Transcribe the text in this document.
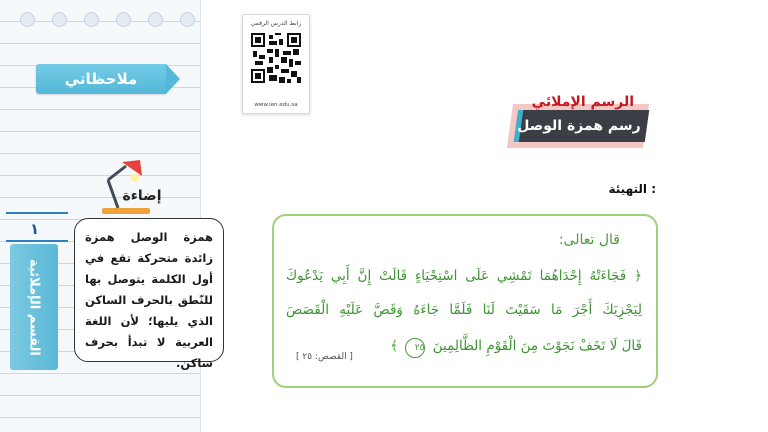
ملاحظاتي
إضاءة
١
القسم الإملائية
همزة الوصل همزة زائدة متحركة تقع في أول الكلمة يتوصل بها للنّطق بالحرف الساكن الذي يليها؛ لأن اللغة العربية لا تبدأ بحرف ساكن.
رابط الدرس الرقمي
www.ien.edu.sa	الرسم الإملائي
رسم همزة الوصل
التهيئة :
قال تعالى:
﴿ فَجَاءَتْهُ إِحْدَاهُمَا تَمْشِي عَلَى اسْتِحْيَاءٍ قَالَتْ إِنَّ أَبِي يَدْعُوكَ
لِيَجْزِيَكَ أَجْرَ مَا سَقَيْتَ لَنَا فَلَمَّا جَاءَهُ وَقَصَّ عَلَيْهِ الْقَصَصَ
قَالَ لَا تَخَفْ نَجَوْتَ مِنَ الْقَوْمِ الظَّالِمِينَ ٢٥ ﴾
[ القصص: ٢٥ ]
